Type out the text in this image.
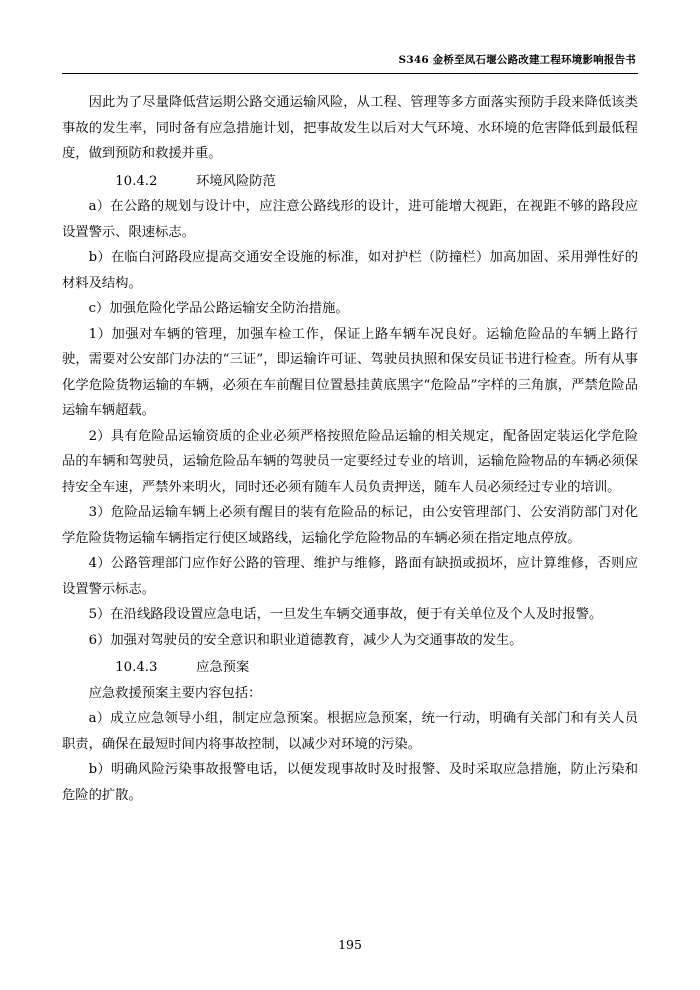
S346 金桥至凤石堰公路改建工程环境影响报告书

因此为了尽量降低营运期公路交通运输风险，从工程、管理等多方面落实预防手段来降低该类事故的发生率，同时备有应急措施计划，把事故发生以后对大气环境、水环境的危害降低到最低程度，做到预防和救援并重。

10.4.2	环境风险防范

a）在公路的规划与设计中，应注意公路线形的设计，进可能增大视距，在视距不够的路段应设置警示、限速标志。

b）在临白河路段应提高交通安全设施的标准，如对护栏（防撞栏）加高加固、采用弹性好的材料及结构。

c）加强危险化学品公路运输安全防治措施。

1）加强对车辆的管理，加强车检工作，保证上路车辆车况良好。运输危险品的车辆上路行驶，需要对公安部门办法的“三证”，即运输许可证、驾驶员执照和保安员证书进行检查。所有从事化学危险货物运输的车辆，必须在车前醒目位置悬挂黄底黑字“危险品”字样的三角旗，严禁危险品运输车辆超载。

2）具有危险品运输资质的企业必须严格按照危险品运输的相关规定，配备固定装运化学危险品的车辆和驾驶员，运输危险品车辆的驾驶员一定要经过专业的培训，运输危险物品的车辆必须保持安全车速，严禁外来明火，同时还必须有随车人员负责押送，随车人员必须经过专业的培训。

3）危险品运输车辆上必须有醒目的装有危险品的标记，由公安管理部门、公安消防部门对化学危险货物运输车辆指定行使区域路线，运输化学危险物品的车辆必须在指定地点停放。

4）公路管理部门应作好公路的管理、维护与维修，路面有缺损或损坏，应计算维修，否则应设置警示标志。

5）在沿线路段设置应急电话，一旦发生车辆交通事故，便于有关单位及个人及时报警。

6）加强对驾驶员的安全意识和职业道德教育，减少人为交通事故的发生。

10.4.3	应急预案

应急救援预案主要内容包括：

a）成立应急领导小组，制定应急预案。根据应急预案，统一行动，明确有关部门和有关人员职责，确保在最短时间内将事故控制，以减少对环境的污染。

b）明确风险污染事故报警电话，以便发现事故时及时报警、及时采取应急措施，防止污染和危险的扩散。

195
